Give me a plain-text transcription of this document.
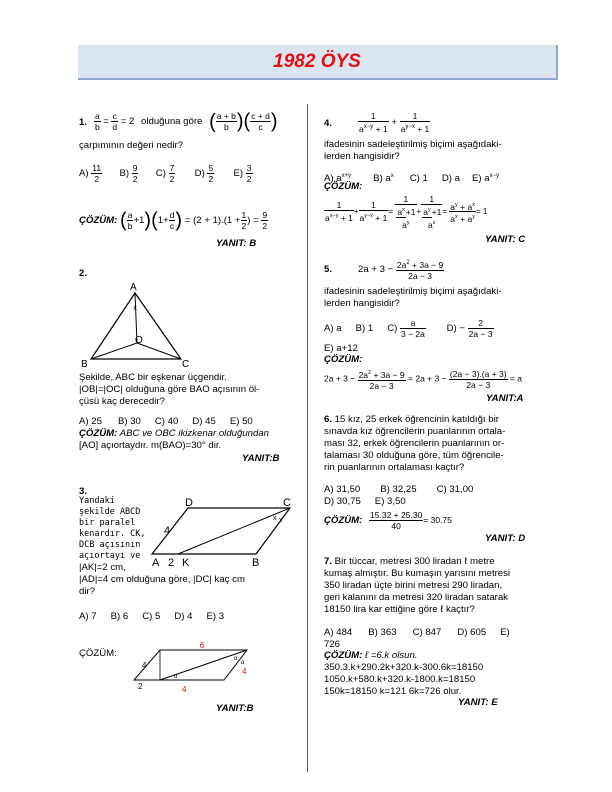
1982 ÖYS
1. $\frac{a}{b} = \frac{c}{d} = 2$ olduğuna göre ( $\frac{a + b}{b}$ )( $\frac{c + d}{c}$ )
çarpımının değeri nedir?
$A) \frac{11}{2} B) \frac{9}{2} C) \frac{7}{2} D) \frac{5}{2} E) \frac{3}{2}$
ÇÖZÜM: ( $\frac{a}{b} +1)(1+ \frac{d}{c}$ ) = $(2 + 1).(1 + \frac{1}{2}$ ) = $\frac{9}{2}$
YANIT: B
2.
x
A
B	C
O
Şekilde, ABC bir eşkenar üçgendir.
|OB|=|OC| olduğuna göre BAO açısının öl-
çüsü kaç derecedir?
A) 25 B) 30 C) 40 D) 45 E) 50
ÇÖZÜM: ABC ve OBC ikizkenar olduğundan
[AO] açıortaydır. m(BAO)=30° dir.
YANIT:B
3.
Yandaki
şekilde ABCD
bir paralel
kenardır. CK,
DCB açısının
açıortayı ve
D	C
A 2 K	B
4
x x
|AK|=2 cm,
|AD|=4 cm olduğuna göre, |DC| kaç cm
dir?
A) 7 B) 6 C) 5 D) 4 E) 3
ÇÖZÜM:
6
4
4
2	4
α
α
α
YANIT:B
4.	$\frac{1}{a^{x-y} + 1} + \frac{1}{a^{y-x} + 1}$
ifadesinin sadeleştirilmiş biçimi aşağıdaki-
lerden hangisidir?
A) $a^{x+y}$ B) $a^x$ C) 1 D) a E) $a^{x-y}$
ÇÖZÜM:
$\frac{1}{a^{x-y} + 1} + \frac{1}{a^{y-x} + 1}$ =
1
$a^x+1$
$a^y$
+
1
$a^y+1$
$a^x$
= $\frac{a^y + a^x}{a^x + a^y} = 1$
YANIT: C
5.	$2a + 3 - \frac{2a^2 + 3a - 9}{2a - 3}$
ifadesinin sadeleştirilmiş biçimi aşağıdaki-
lerden hangisidir?
A) a B) 1 $C) \frac{a}{3 - 2a} D) - \frac{2}{2a - 3}$
E) a+12
ÇÖZÜM:
$2a + 3 - \frac{2a^2 + 3a - 9}{2a - 3} = 2a + 3 - \frac{(2a - 3).(a + 3)}{2a - 3} = a$
YANIT:A
6. 15 kız, 25 erkek öğrencinin katıldığı bir
sınavda kız öğrencilerin puanlarının ortala-
ması 32, erkek öğrencilerin puanlarının or-
talaması 30 olduğuna göre, tüm öğrencile-
rin puanlarının ortalaması kaçtır?
A) 31,50 B) 32,25 C) 31,00
D) 30,75 E) 3,50
ÇÖZÜM: $\frac{15.32 + 25.30}{40} = 30.75$
YANIT: D
7. Bir tüccar, metresi 300 liradan ℓ metre
kumaş almıştır. Bu kumaşın yarısını metresi
350 liradan üçte birini metresi 290 liradan,
geri kalanını da metresi 320 liradan satarak
18150 lira kar ettiğine göre ℓ kaçtır?
A) 484 B) 363 C) 847 D) 605 E)
726
ÇÖZÜM: ℓ =6.k olsun.
350.3.k+290.2k+320.k-300.6k=18150
1050.k+580.k+320.k-1800.k=18150
150k=18150 k=121 6k=726 olur.
YANIT: E
